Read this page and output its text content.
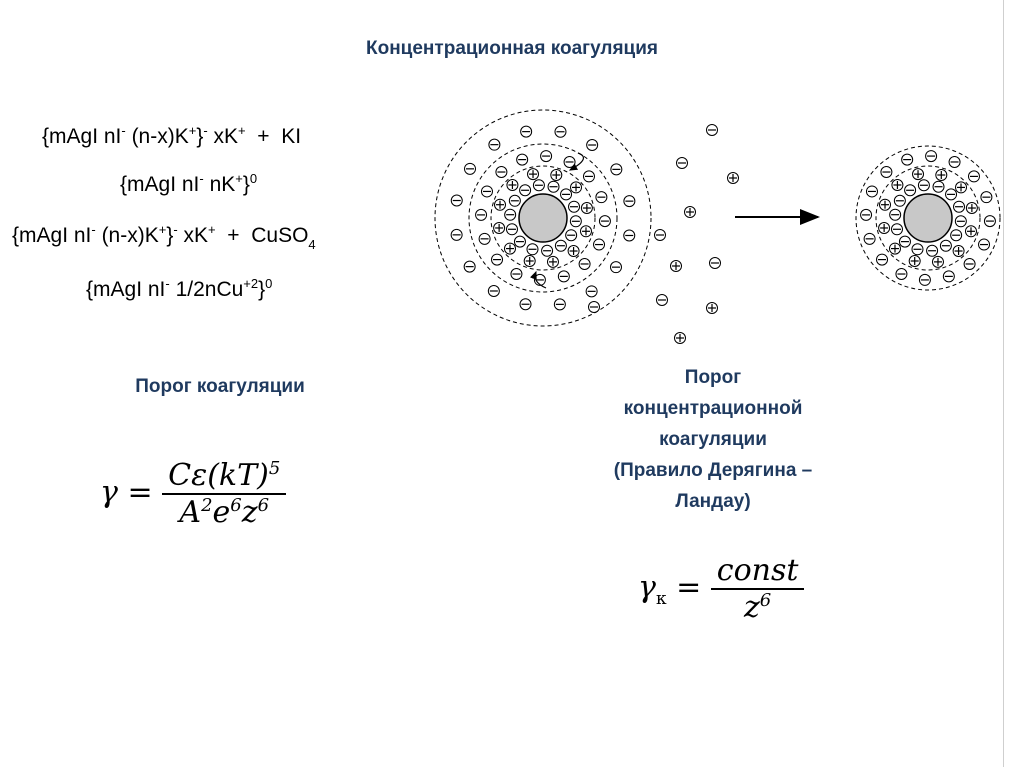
Концентрационная коагуляция
{mAgI nI- (n-x)K+}- xK+  +  KI
{mAgI nI- nK+}$^0$
{mAgI nI- (n-x)K+}- xK+  +  CuSO$_4$
{mAgI nI- 1/2nCu$^{+2}$}$^0$
Порог коагуляции
$\gamma = \frac{C\varepsilon(kT)^5}{A^2e^6z^6}$
Порог
концентрационной
коагуляции
(Правило Дерягина –
Ландау)
$\gamma_к = \frac{\text{const}}{z^6}$
